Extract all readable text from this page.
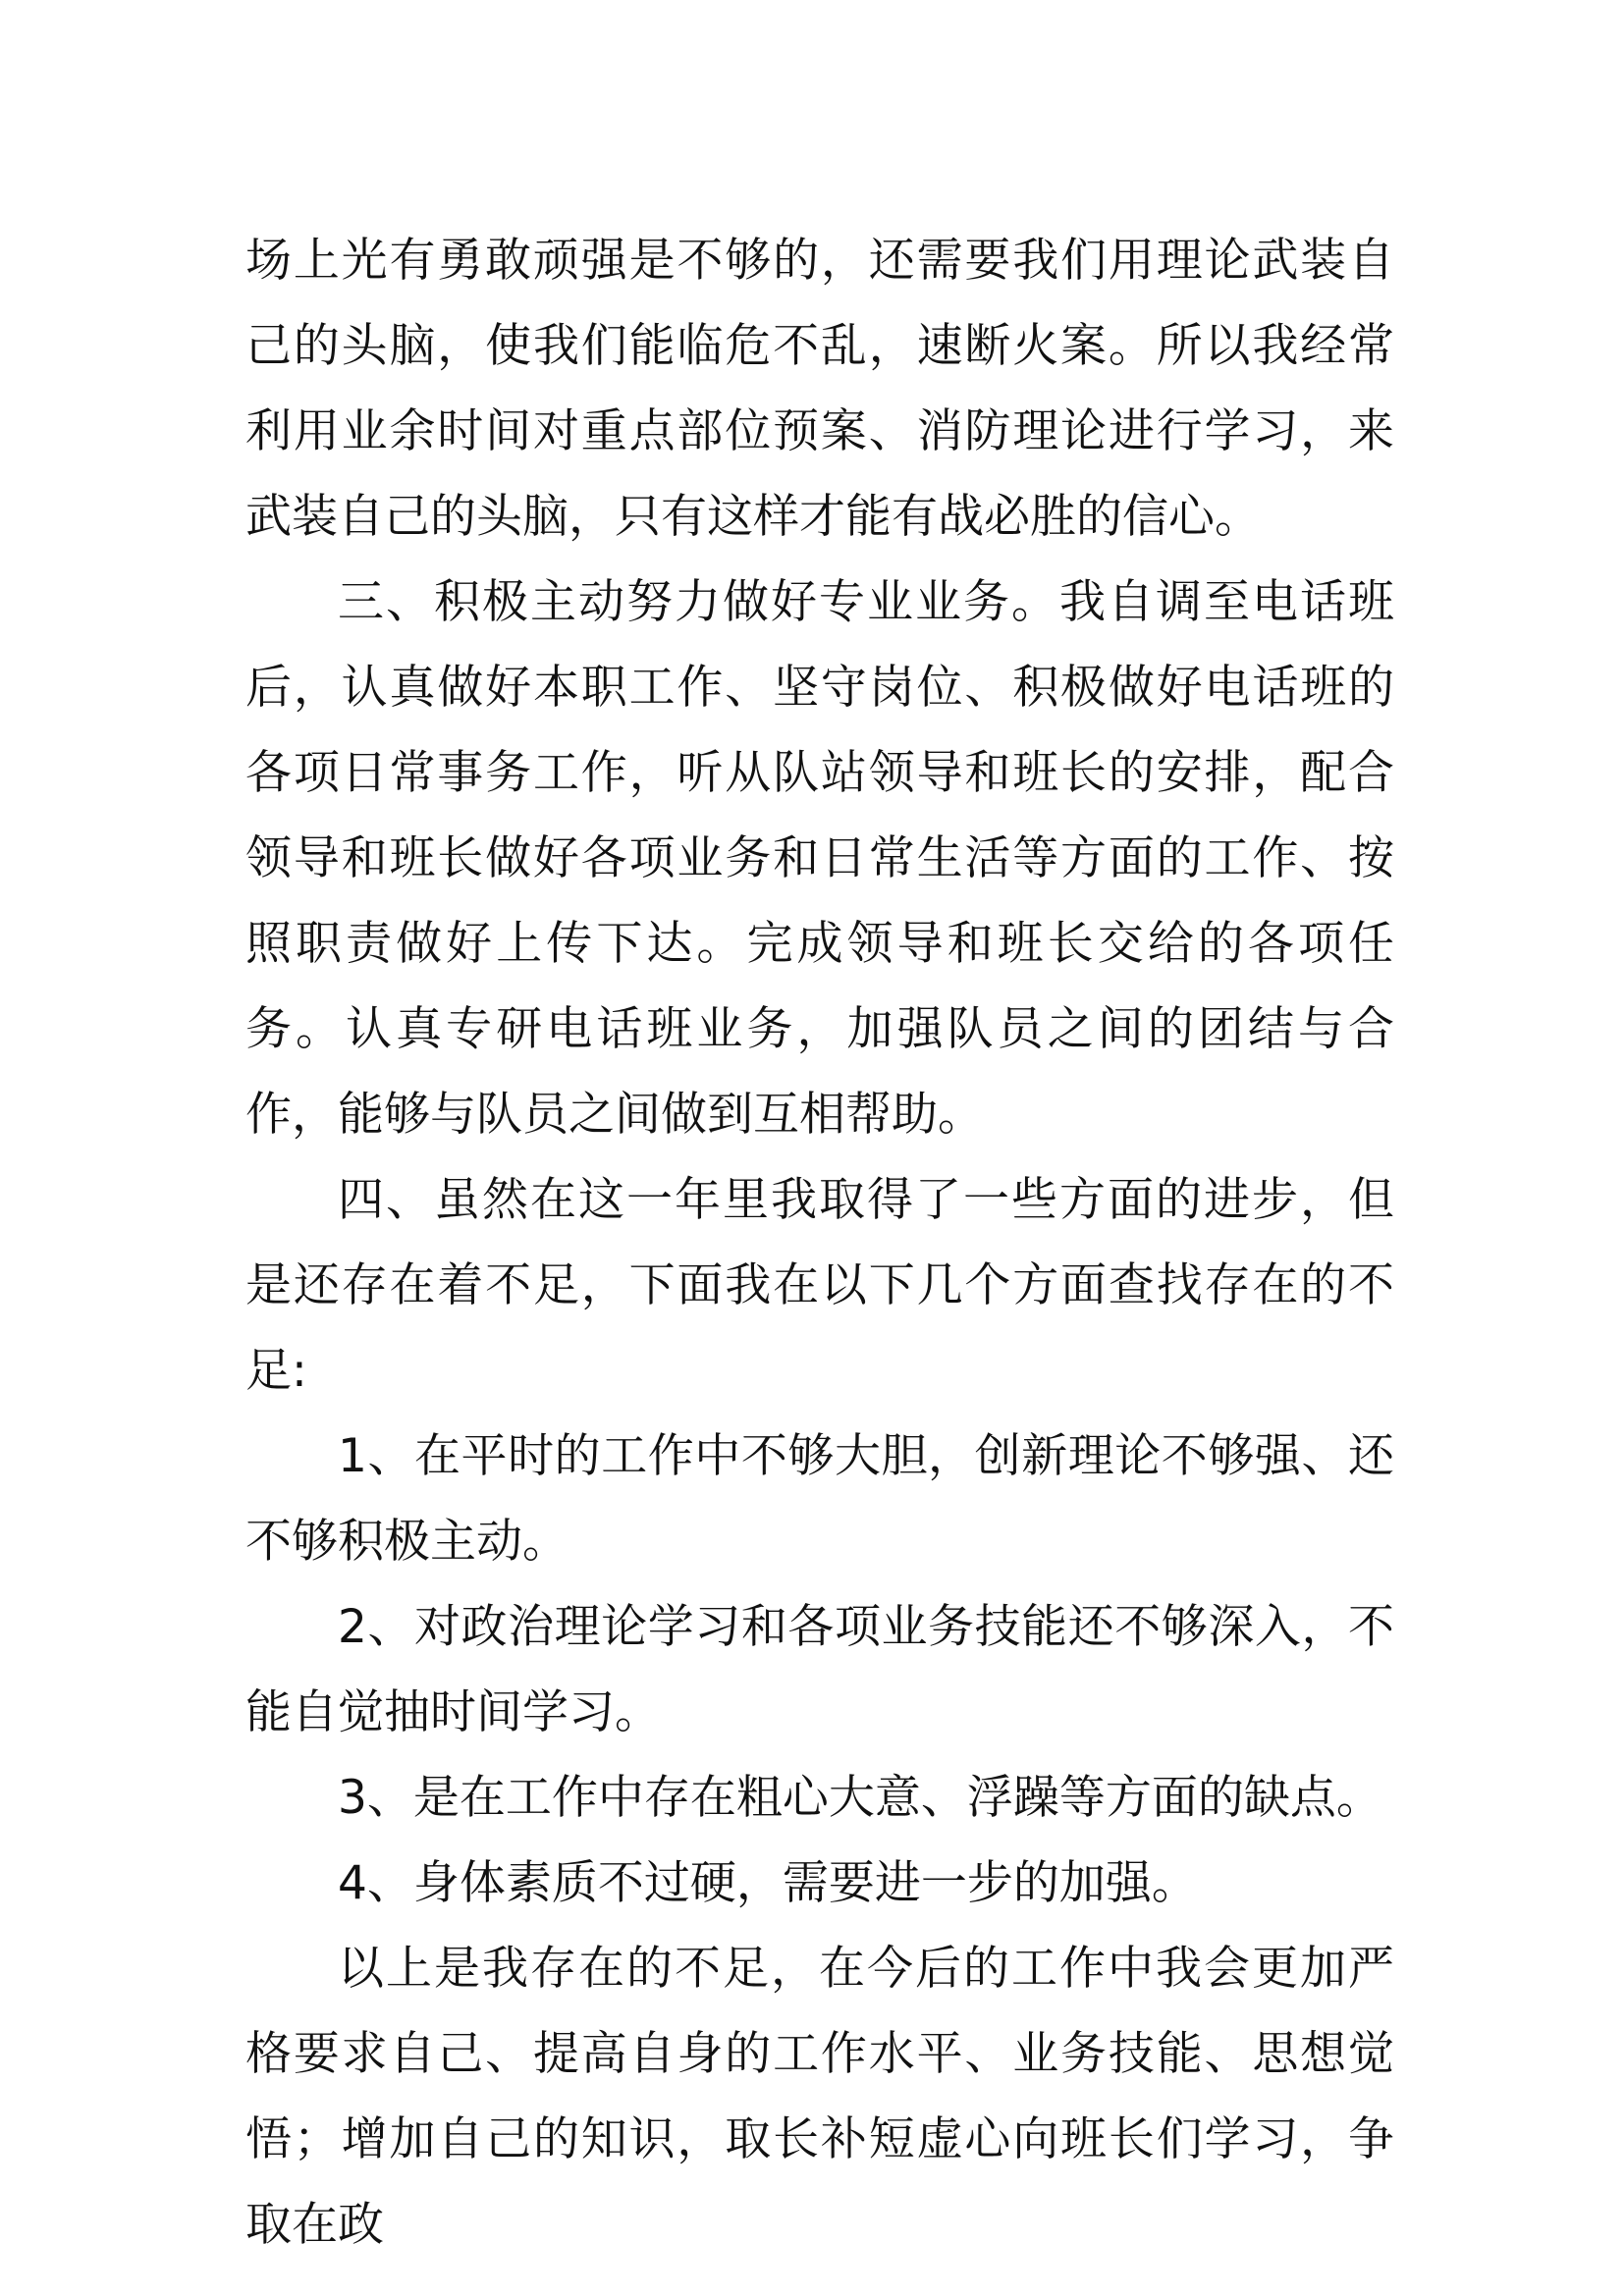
场上光有勇敢顽强是不够的，还需要我们用理论武装自己的头脑，使我们能临危不乱，速断火案。所以我经常利用业余时间对重点部位预案、消防理论进行学习，来武装自己的头脑，只有这样才能有战必胜的信心。

三、积极主动努力做好专业业务。我自调至电话班后，认真做好本职工作、坚守岗位、积极做好电话班的各项日常事务工作，听从队站领导和班长的安排，配合领导和班长做好各项业务和日常生活等方面的工作、按照职责做好上传下达。完成领导和班长交给的各项任务。认真专研电话班业务，加强队员之间的团结与合作，能够与队员之间做到互相帮助。

四、虽然在这一年里我取得了一些方面的进步，但是还存在着不足，下面我在以下几个方面查找存在的不足:

1、在平时的工作中不够大胆，创新理论不够强、还不够积极主动。

2、对政治理论学习和各项业务技能还不够深入，不能自觉抽时间学习。

3、是在工作中存在粗心大意、浮躁等方面的缺点。

4、身体素质不过硬，需要进一步的加强。

以上是我存在的不足，在今后的工作中我会更加严格要求自己、提高自身的工作水平、业务技能、思想觉悟；增加自己的知识，取长补短虚心向班长们学习，争取在政
